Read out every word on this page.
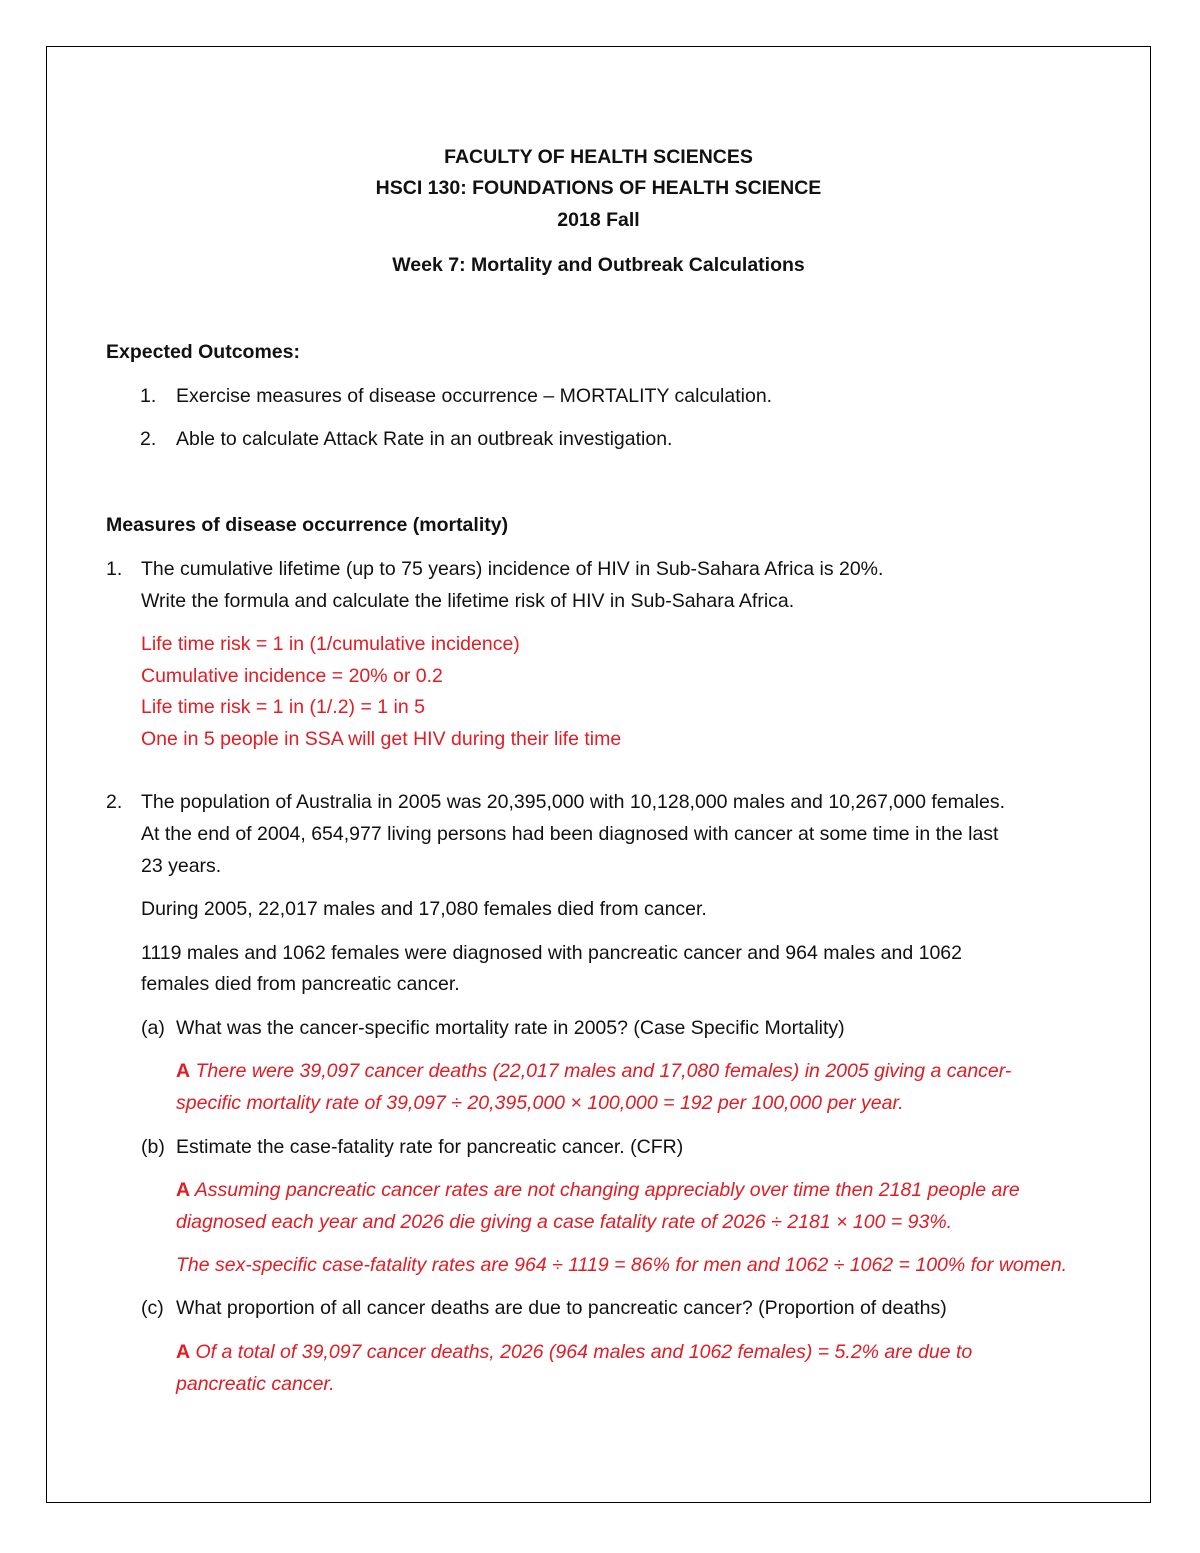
FACULTY OF HEALTH SCIENCES
HSCI 130: FOUNDATIONS OF HEALTH SCIENCE
2018 Fall
Week 7: Mortality and Outbreak Calculations
Expected Outcomes:
1. Exercise measures of disease occurrence – MORTALITY calculation.
2. Able to calculate Attack Rate in an outbreak investigation.
Measures of disease occurrence (mortality)
1. The cumulative lifetime (up to 75 years) incidence of HIV in Sub-Sahara Africa is 20%.
Write the formula and calculate the lifetime risk of HIV in Sub-Sahara Africa.
Life time risk = 1 in (1/cumulative incidence)
Cumulative incidence = 20% or 0.2
Life time risk = 1 in (1/.2) = 1 in 5
One in 5 people in SSA will get HIV during their life time
2. The population of Australia in 2005 was 20,395,000 with 10,128,000 males and 10,267,000 females.
At the end of 2004, 654,977 living persons had been diagnosed with cancer at some time in the last
23 years.
During 2005, 22,017 males and 17,080 females died from cancer.
1119 males and 1062 females were diagnosed with pancreatic cancer and 964 males and 1062
females died from pancreatic cancer.
(a) What was the cancer-specific mortality rate in 2005? (Case Specific Mortality)
A There were 39,097 cancer deaths (22,017 males and 17,080 females) in 2005 giving a cancer-
specific mortality rate of 39,097 ÷ 20,395,000 × 100,000 = 192 per 100,000 per year.
(b) Estimate the case-fatality rate for pancreatic cancer. (CFR)
A Assuming pancreatic cancer rates are not changing appreciably over time then 2181 people are
diagnosed each year and 2026 die giving a case fatality rate of 2026 ÷ 2181 × 100 = 93%.
The sex-specific case-fatality rates are 964 ÷ 1119 = 86% for men and 1062 ÷ 1062 = 100% for women.
(c) What proportion of all cancer deaths are due to pancreatic cancer? (Proportion of deaths)
A Of a total of 39,097 cancer deaths, 2026 (964 males and 1062 females) = 5.2% are due to
pancreatic cancer.
